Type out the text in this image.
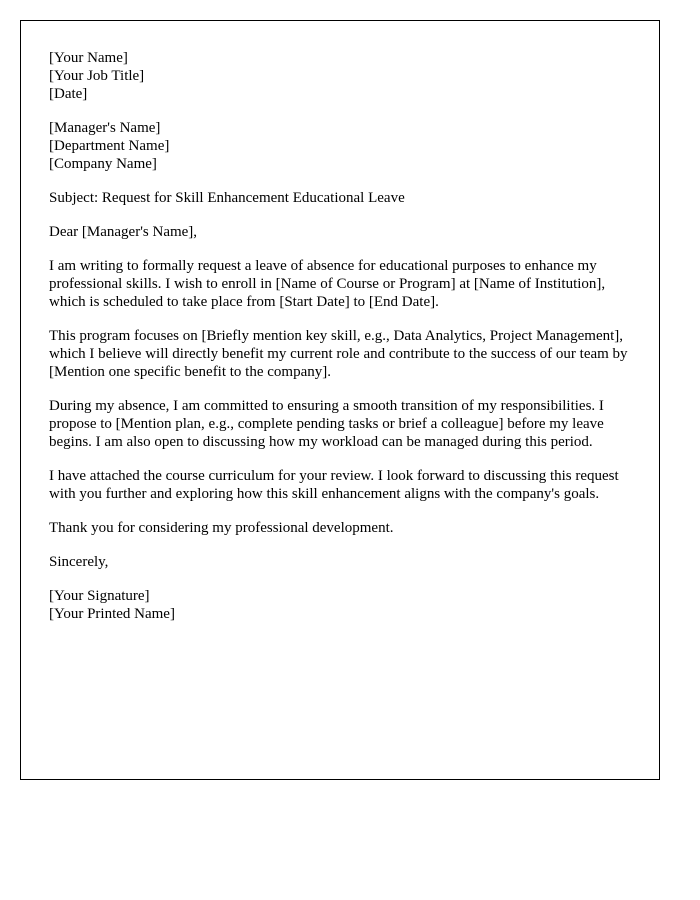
[Your Name]
[Your Job Title]
[Date]
[Manager's Name]
[Department Name]
[Company Name]

Subject: Request for Skill Enhancement Educational Leave

Dear [Manager's Name],

I am writing to formally request a leave of absence for educational purposes to enhance my professional skills. I wish to enroll in [Name of Course or Program] at [Name of Institution], which is scheduled to take place from [Start Date] to [End Date].

This program focuses on [Briefly mention key skill, e.g., Data Analytics, Project Management], which I believe will directly benefit my current role and contribute to the success of our team by [Mention one specific benefit to the company].

During my absence, I am committed to ensuring a smooth transition of my responsibilities. I propose to [Mention plan, e.g., complete pending tasks or brief a colleague] before my leave begins. I am also open to discussing how my workload can be managed during this period.

I have attached the course curriculum for your review. I look forward to discussing this request with you further and exploring how this skill enhancement aligns with the company's goals.

Thank you for considering my professional development.

Sincerely,

[Your Signature]
[Your Printed Name]
